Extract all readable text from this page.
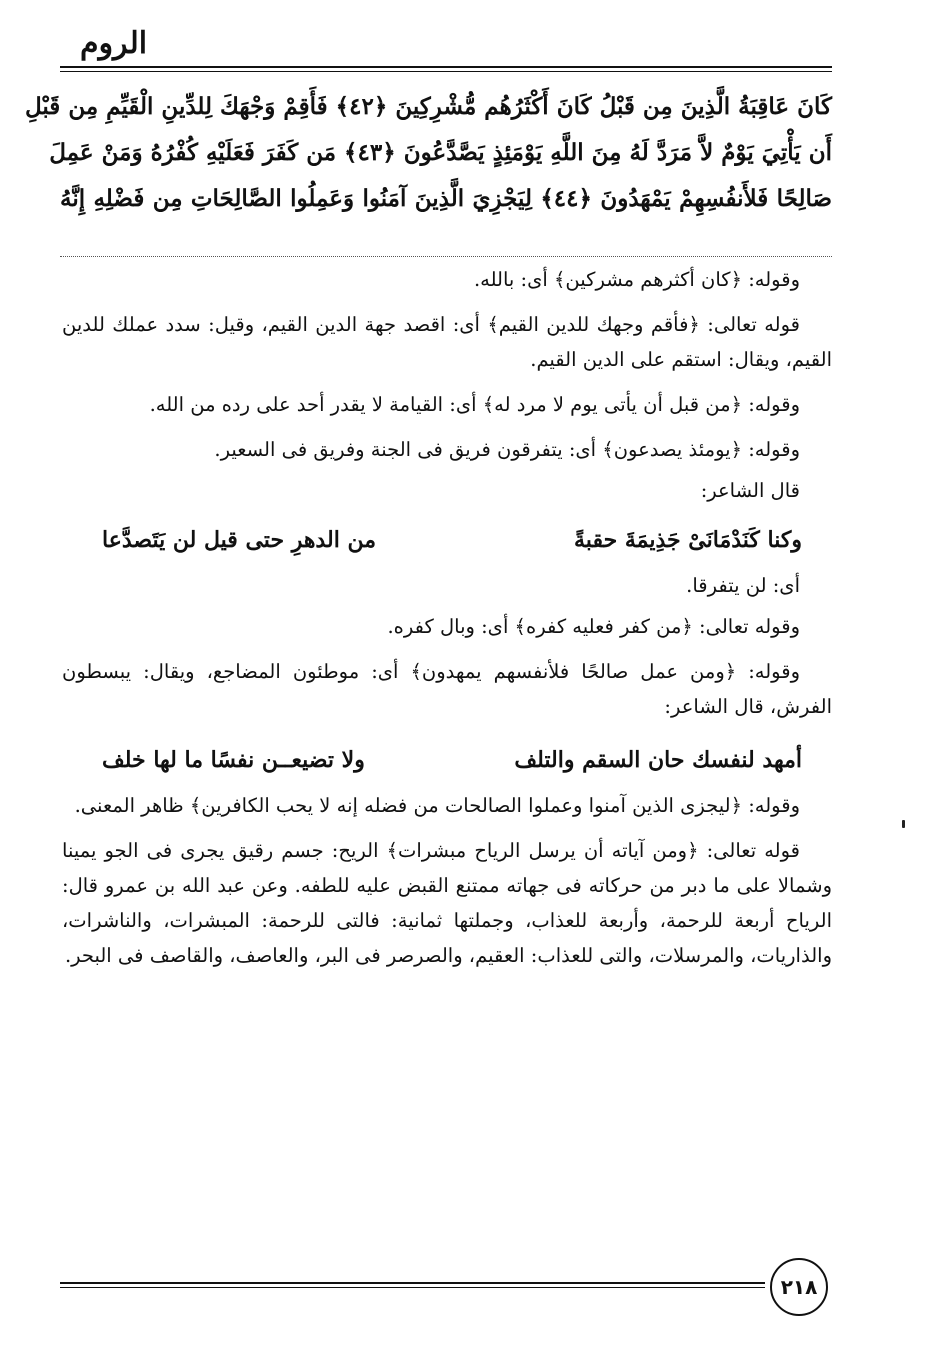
الروم
كَانَ عَاقِبَةُ الَّذِينَ مِن قَبْلُ كَانَ أَكْثَرُهُم مُّشْرِكِينَ ﴿٤٢﴾ فَأَقِمْ وَجْهَكَ لِلدِّينِ الْقَيِّمِ مِن قَبْلِ
أَن يَأْتِيَ يَوْمٌ لاَّ مَرَدَّ لَهُ مِنَ اللَّهِ يَوْمَئِذٍ يَصَّدَّعُونَ ﴿٤٣﴾ مَن كَفَرَ فَعَلَيْهِ كُفْرُهُ وَمَنْ عَمِلَ
صَالِحًا فَلأَنفُسِهِمْ يَمْهَدُونَ ﴿٤٤﴾ لِيَجْزِيَ الَّذِينَ آمَنُوا وَعَمِلُوا الصَّالِحَاتِ مِن فَضْلِهِ إِنَّهُ

وقوله: ﴿كان أكثرهم مشركين﴾ أى: بالله.

قوله تعالى: ﴿فأقم وجهك للدين القيم﴾ أى: اقصد جهة الدين القيم، وقيل: سدد عملك للدين القيم، ويقال: استقم على الدين القيم.

وقوله: ﴿من قبل أن يأتى يوم لا مرد له﴾ أى: القيامة لا يقدر أحد على رده من الله.

وقوله: ﴿يومئذ يصدعون﴾ أى: يتفرقون فريق فى الجنة وفريق فى السعير.

قال الشاعر:

وكنا كَنَدْمَانَىْ جَذِيمَةَ حقبةً
من الدهرِ حتى قيل لن يَتَصدَّعا

أى: لن يتفرقا.

وقوله تعالى: ﴿من كفر فعليه كفره﴾ أى: وبال كفره.

وقوله: ﴿ومن عمل صالحًا فلأنفسهم يمهدون﴾ أى: موطئون المضاجع، ويقال: يبسطون الفرش، قال الشاعر:

أمهد لنفسك حان السقم والتلف
ولا تضيعــن نفسًا ما لها خلف

وقوله: ﴿ليجزى الذين آمنوا وعملوا الصالحات من فضله إنه لا يحب الكافرين﴾ ظاهر المعنى.

قوله تعالى: ﴿ومن آياته أن يرسل الرياح مبشرات﴾ الريح: جسم رقيق يجرى فى الجو يمينا وشمالا على ما دبر من حركاته فى جهاته ممتنع القبض عليه للطفه. وعن عبد الله بن عمرو قال: الرياح أربعة للرحمة، وأربعة للعذاب، وجملتها ثمانية: فالتى للرحمة: المبشرات، والناشرات، والذاريات، والمرسلات، والتى للعذاب: العقيم، والصرصر فى البر، والعاصف، والقاصف فى البحر.

٢١٨
